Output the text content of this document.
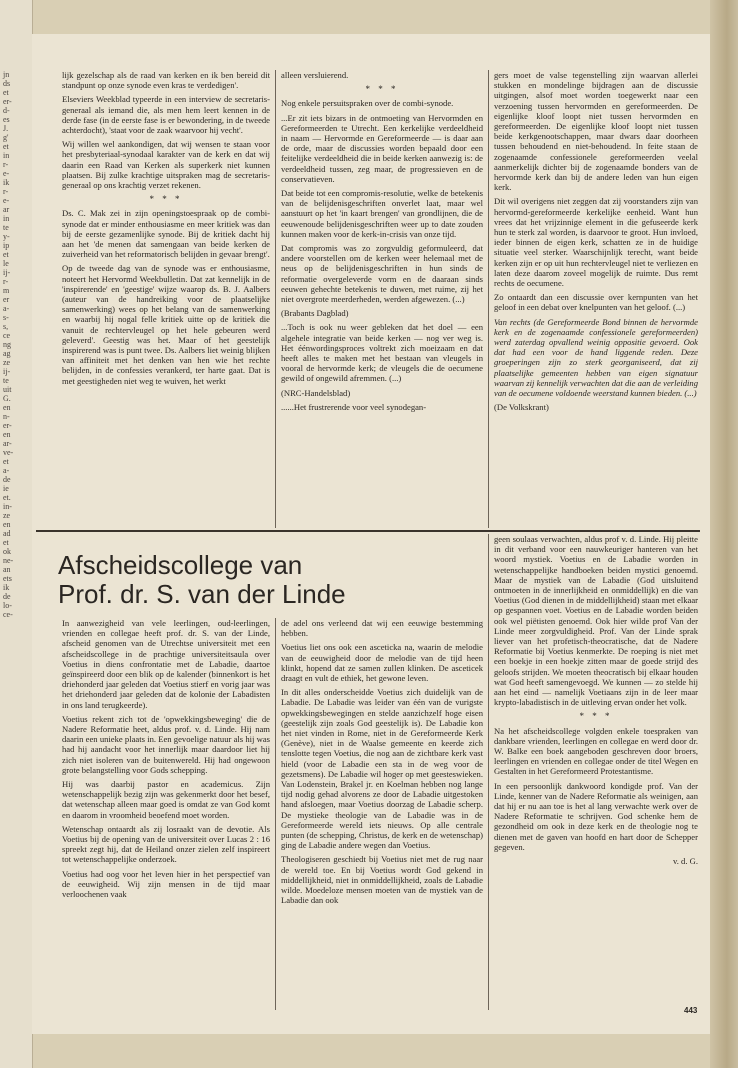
jn
ds
et
er-
d-
es
J.
g'
et
in
r-
e-
ik
r-
e-
ar
in
te
y-
ip
et
le
ij-
r-
m
er
a-
s-
s,
ce
ng
ag
ze
ij-
te
uit
G.
en
n-
er-
en
ar-
ve-
et
a-
de
ie
et.
in-
ze
en
ad
et
ok
ne-
an
ets
ik
de
lo-
ce-

lijk gezelschap als de raad van kerken en ik ben bereid dit standpunt op onze synode even kras te verdedigen'.

Elseviers Weekblad typeerde in een interview de secretaris-generaal als iemand die, als men hem leert kennen in de derde fase (in de eerste fase is er bewondering, in de tweede achterdocht), 'staat voor de zaak waarvoor hij vecht'.

Wij willen wel aankondigen, dat wij wensen te staan voor het presbyteriaal-synodaal karakter van de kerk en dat wij daarin een Raad van Kerken als superkerk niet kunnen plaatsen. Bij zulke krachtige uitspraken mag de secretaris-generaal op ons krachtig verzet rekenen.

* * *

Ds. C. Mak zei in zijn openingstoespraak op de combi-synode dat er minder enthousiasme en meer kritiek was dan bij de eerste gezamenlijke synode. Bij de kritiek dacht hij aan het 'de menen dat samengaan van beide kerken de zuiverheid van het reformatorisch belijden in gevaar brengt'.

Op de tweede dag van de synode was er enthousiasme, noteert het Hervormd Weekbulletin. Dat zat kennelijk in de 'inspirerende' en 'geestige' wijze waarop ds. B. J. Aalbers (auteur van de handreiking voor de plaatselijke samenwerking) wees op het belang van de samenwerking en waarbij hij nogal felle kritiek uitte op de kritiek die vanuit de rechtervleugel op het hele gebeuren werd geleverd'. Geestig was het. Maar of het geestelijk inspirerend was is punt twee. Ds. Aalbers liet weinig blijken van affiniteit met het denken van hen wie het rechte belijden, in de confessies verankerd, ter harte gaat. Dat is met geestigheden niet weg te wuiven, het werkt

alleen versluierend.

* * *

Nog enkele persuitspraken over de combi-synode.

...Er zit iets bizars in de ontmoeting van Hervormden en Gereformeerden te Utrecht. Een kerkelijke verdeeldheid in naam — Hervormde en Gereformeerde — is daar aan de orde, maar de discussies worden bepaald door een feitelijke verdeeldheid die in beide kerken aanwezig is: de verdeeldheid tussen, zeg maar, de progressieven en de conservatieven.

Dat beide tot een compromis-resolutie, welke de betekenis van de belijdenisgeschriften onverlet laat, maar wel aanstuurt op het 'in kaart brengen' van grondlijnen, die de eeuwenoude belijdenisgeschriften weer up to date zouden kunnen maken voor de kerk-in-crisis van onze tijd.

Dat compromis was zo zorgvuldig geformuleerd, dat andere voorstellen om de kerken weer helemaal met de neus op de belijdenisgeschriften in hun sinds de reformatie overgeleverde vorm en de daaraan sinds eeuwen gehechte betekenis te duwen, met ruime, zij het niet overgrote meerderheden, werden afgewezen. (...)

(Brabants Dagblad)

...Toch is ook nu weer gebleken dat het doel — een algehele integratie van beide kerken — nog ver weg is. Het éénwordingsproces voltrekt zich moeizaam en dat heeft alles te maken met het bestaan van vleugels in vooral de hervormde kerk; de vleugels die de oecumene gewild of ongewild afremmen. (...)

(NRC-Handelsblad)

......Het frustrerende voor veel synodegan-

gers moet de valse tegenstelling zijn waarvan allerlei stukken en mondelinge bijdragen aan de discussie uitgingen, alsof moet worden toegewerkt naar een verzoening tussen hervormden en gereformeerden. De eigenlijke kloof loopt niet tussen hervormden en gereformeerden. De eigenlijke kloof loopt niet tussen beide kerkgenootschappen, maar dwars daar doorheen tussen behoudend en niet-behoudend. In feite staan de zogenaamde confessionele gereformeerden veelal aanmerkelijk dichter bij de zogenaamde bonders van de hervormde kerk dan bij de andere leden van hun eigen kerk.

Dit wil overigens niet zeggen dat zij voorstanders zijn van hervormd-gereformeerde kerkelijke eenheid. Want hun vrees dat het vrijzinnige element in die gefuseerde kerk hun te sterk zal worden, is daarvoor te groot. Hun invloed, ieder binnen de eigen kerk, schatten ze in de huidige situatie veel sterker. Waarschijnlijk terecht, want beide kerken zijn er op uit hun rechtervleugel niet te verliezen en laten deze daarom zoveel mogelijk de ruimte. Dus remt rechts de oecumene.

Zo ontaardt dan een discussie over kernpunten van het geloof in een debat over knelpunten van het geloof. (...)

Van rechts (de Gereformeerde Bond binnen de hervormde kerk en de zogenaamde confessionele gereformeerden) werd zaterdag opvallend weinig oppositie gevoerd. Ook dat had een voor de hand liggende reden. Deze groeperingen zijn zo sterk georganiseerd, dat zij plaatselijke gemeenten hebben van eigen signatuur waarvan zij kennelijk verwachten dat die aan de verleiding van de oecumene voldoende weerstand kunnen bieden. (...)

(De Volkskrant)

Afscheidscollege van
Prof. dr. S. van der Linde

In aanwezigheid van vele leerlingen, oud-leerlingen, vrienden en collegae heeft prof. dr. S. van der Linde, afscheid genomen van de Utrechtse universiteit met een afscheidscollege in de prachtige universiteitsaula over Voetius in diens confrontatie met de Labadie, daartoe geïnspireerd door een blik op de kalender (binnenkort is het driehonderd jaar geleden dat Voetius stierf en vorig jaar was het driehonderd jaar geleden dat de kolonie der Labadisten in ons land terugkeerde).

Voetius rekent zich tot de 'opwekkingsbeweging' die de Nadere Reformatie heet, aldus prof. v. d. Linde. Hij nam daarin een unieke plaats in. Een gevoelige natuur als hij was had hij aandacht voor het innerlijk maar daardoor liet hij zich niet isoleren van de buitenwereld. Hij had ongewoon grote belangstelling voor Gods schepping.

Hij was daarbij pastor en academicus. Zijn wetenschappelijk bezig zijn was gekenmerkt door het besef, dat wetenschap alleen maar goed is omdat ze van God komt en daarom in vroomheid beoefend moet worden.

Wetenschap ontaardt als zij losraakt van de devotie. Als Voetius bij de opening van de universiteit over Lucas 2 : 16 spreekt zegt hij, dat de Heiland onzer zielen zelf inspireert tot wetenschappelijke onderzoek.

Voetius had oog voor het leven hier in het perspectief van de eeuwigheid. Wij zijn mensen in de tijd maar verloochenen vaak

de adel ons verleend dat wij een eeuwige bestemming hebben.

Voetius liet ons ook een asceticka na, waarin de melodie van de eeuwigheid door de melodie van de tijd heen klinkt, hopend dat ze samen zullen klinken. De asceticek draagt en vult de ethiek, het gewone leven.

In dit alles onderscheidde Voetius zich duidelijk van de Labadie. De Labadie was leider van één van de vurigste opwekkingsbewegingen en stelde aanzichzelf hoge eisen (geestelijk zijn zoals God geestelijk is). De Labadie kon het niet vinden in Rome, niet in de Gereformeerde Kerk (Genève), niet in de Waalse gemeente en keerde zich tenslotte tegen Voetius, die nog aan de zichtbare kerk vast hield (voor de Labadie een sta in de weg voor de gezetsmens). De Labadie wil hoger op met geesteswieken. Van Lodenstein, Brakel jr. en Koelman hebben nog lange tijd nodig gehad alvorens ze door de Labadie uitgestoken hand afsloegen, maar Voetius doorzag de Labadie scherp. De mystieke theologie van de Labadie was in de Gereformeerde wereld iets nieuws. Op alle centrale punten (de schepping, Christus, de kerk en de wetenschap) ging de Labadie andere wegen dan Voetius.

Theologiseren geschiedt bij Voetius niet met de rug naar de wereld toe. En bij Voetius wordt God gekend in middellijkheid, niet in onmiddellijkheid, zoals de Labadie wilde. Moedeloze mensen moeten van de mystiek van de Labadie dan ook

geen soulaas verwachten, aldus prof v. d. Linde. Hij pleitte in dit verband voor een nauwkeuriger hanteren van het woord mystiek. Voetius en de Labadie worden in wetenschappelijke handboeken beiden mystici genoemd. Maar de mystiek van de Labadie (God uitsluitend ontmoeten in de innerlijkheid en onmiddellijk) en die van Voetius (God dienen in de middellijkheid) staan met elkaar op gespannen voet. Voetius en de Labadie worden beiden ook wel piëtisten genoemd. Ook hier wilde prof Van der Linde meer zorgvuldigheid. Prof. Van der Linde sprak liever van het profetisch-theocratische, dat de Nadere Reformatie bij Voetius kenmerkte. De roeping is niet met een boekje in een hoekje zitten maar de goede strijd des geloofs strijden. We moeten theocratisch bij elkaar houden wat God heeft samengevoegd. We kunnen — zo stelde hij aan het eind — namelijk Voetiaans zijn in de leer maar krypto-labadistisch in de uitleving ervan onder het volk.

* * *

Na het afscheidscollege volgden enkele toespraken van dankbare vrienden, leerlingen en collegae en werd door dr. W. Balke een boek aangeboden geschreven door broers, leerlingen en vrienden en collegae onder de titel Wegen en Gestalten in het Gereformeerd Protestantisme.

In een persoonlijk dankwoord kondigde prof. Van der Linde, kenner van de Nadere Reformatie als weinigen, aan dat hij er nu aan toe is het al lang verwachte werk over de Nadere Reformatie te schrijven. God schenke hem de gezondheid om ook in deze kerk en de theologie nog te dienen met de gaven van hoofd en hart door de Schepper gegeven.

v. d. G.
443
